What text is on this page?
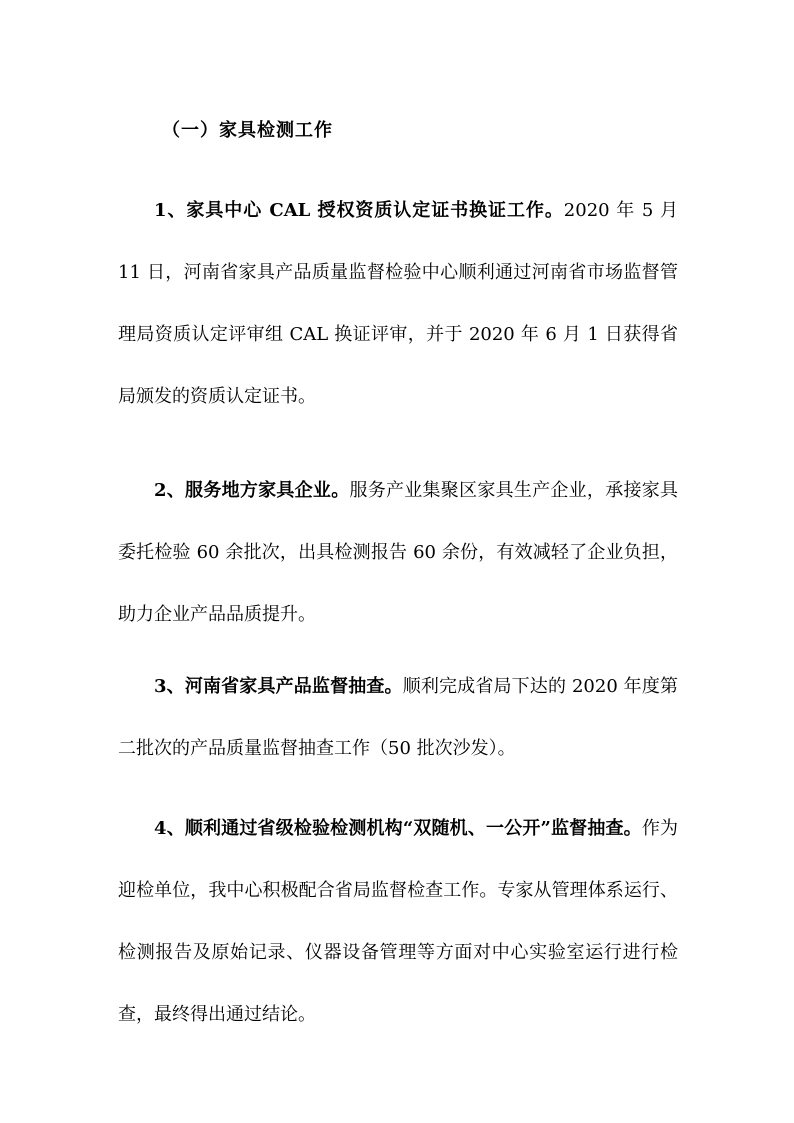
（一）家具检测工作

1、家具中心 CAL 授权资质认定证书换证工作。2020 年 5 月 11 日，河南省家具产品质量监督检验中心顺利通过河南省市场监督管理局资质认定评审组 CAL 换证评审，并于 2020 年 6 月 1 日获得省局颁发的资质认定证书。

2、服务地方家具企业。服务产业集聚区家具生产企业，承接家具委托检验 60 余批次，出具检测报告 60 余份，有效减轻了企业负担，助力企业产品品质提升。

3、河南省家具产品监督抽查。顺利完成省局下达的 2020 年度第二批次的产品质量监督抽查工作（50 批次沙发）。

4、顺利通过省级检验检测机构“双随机、一公开”监督抽查。作为迎检单位，我中心积极配合省局监督检查工作。专家从管理体系运行、检测报告及原始记录、仪器设备管理等方面对中心实验室运行进行检查，最终得出通过结论。
